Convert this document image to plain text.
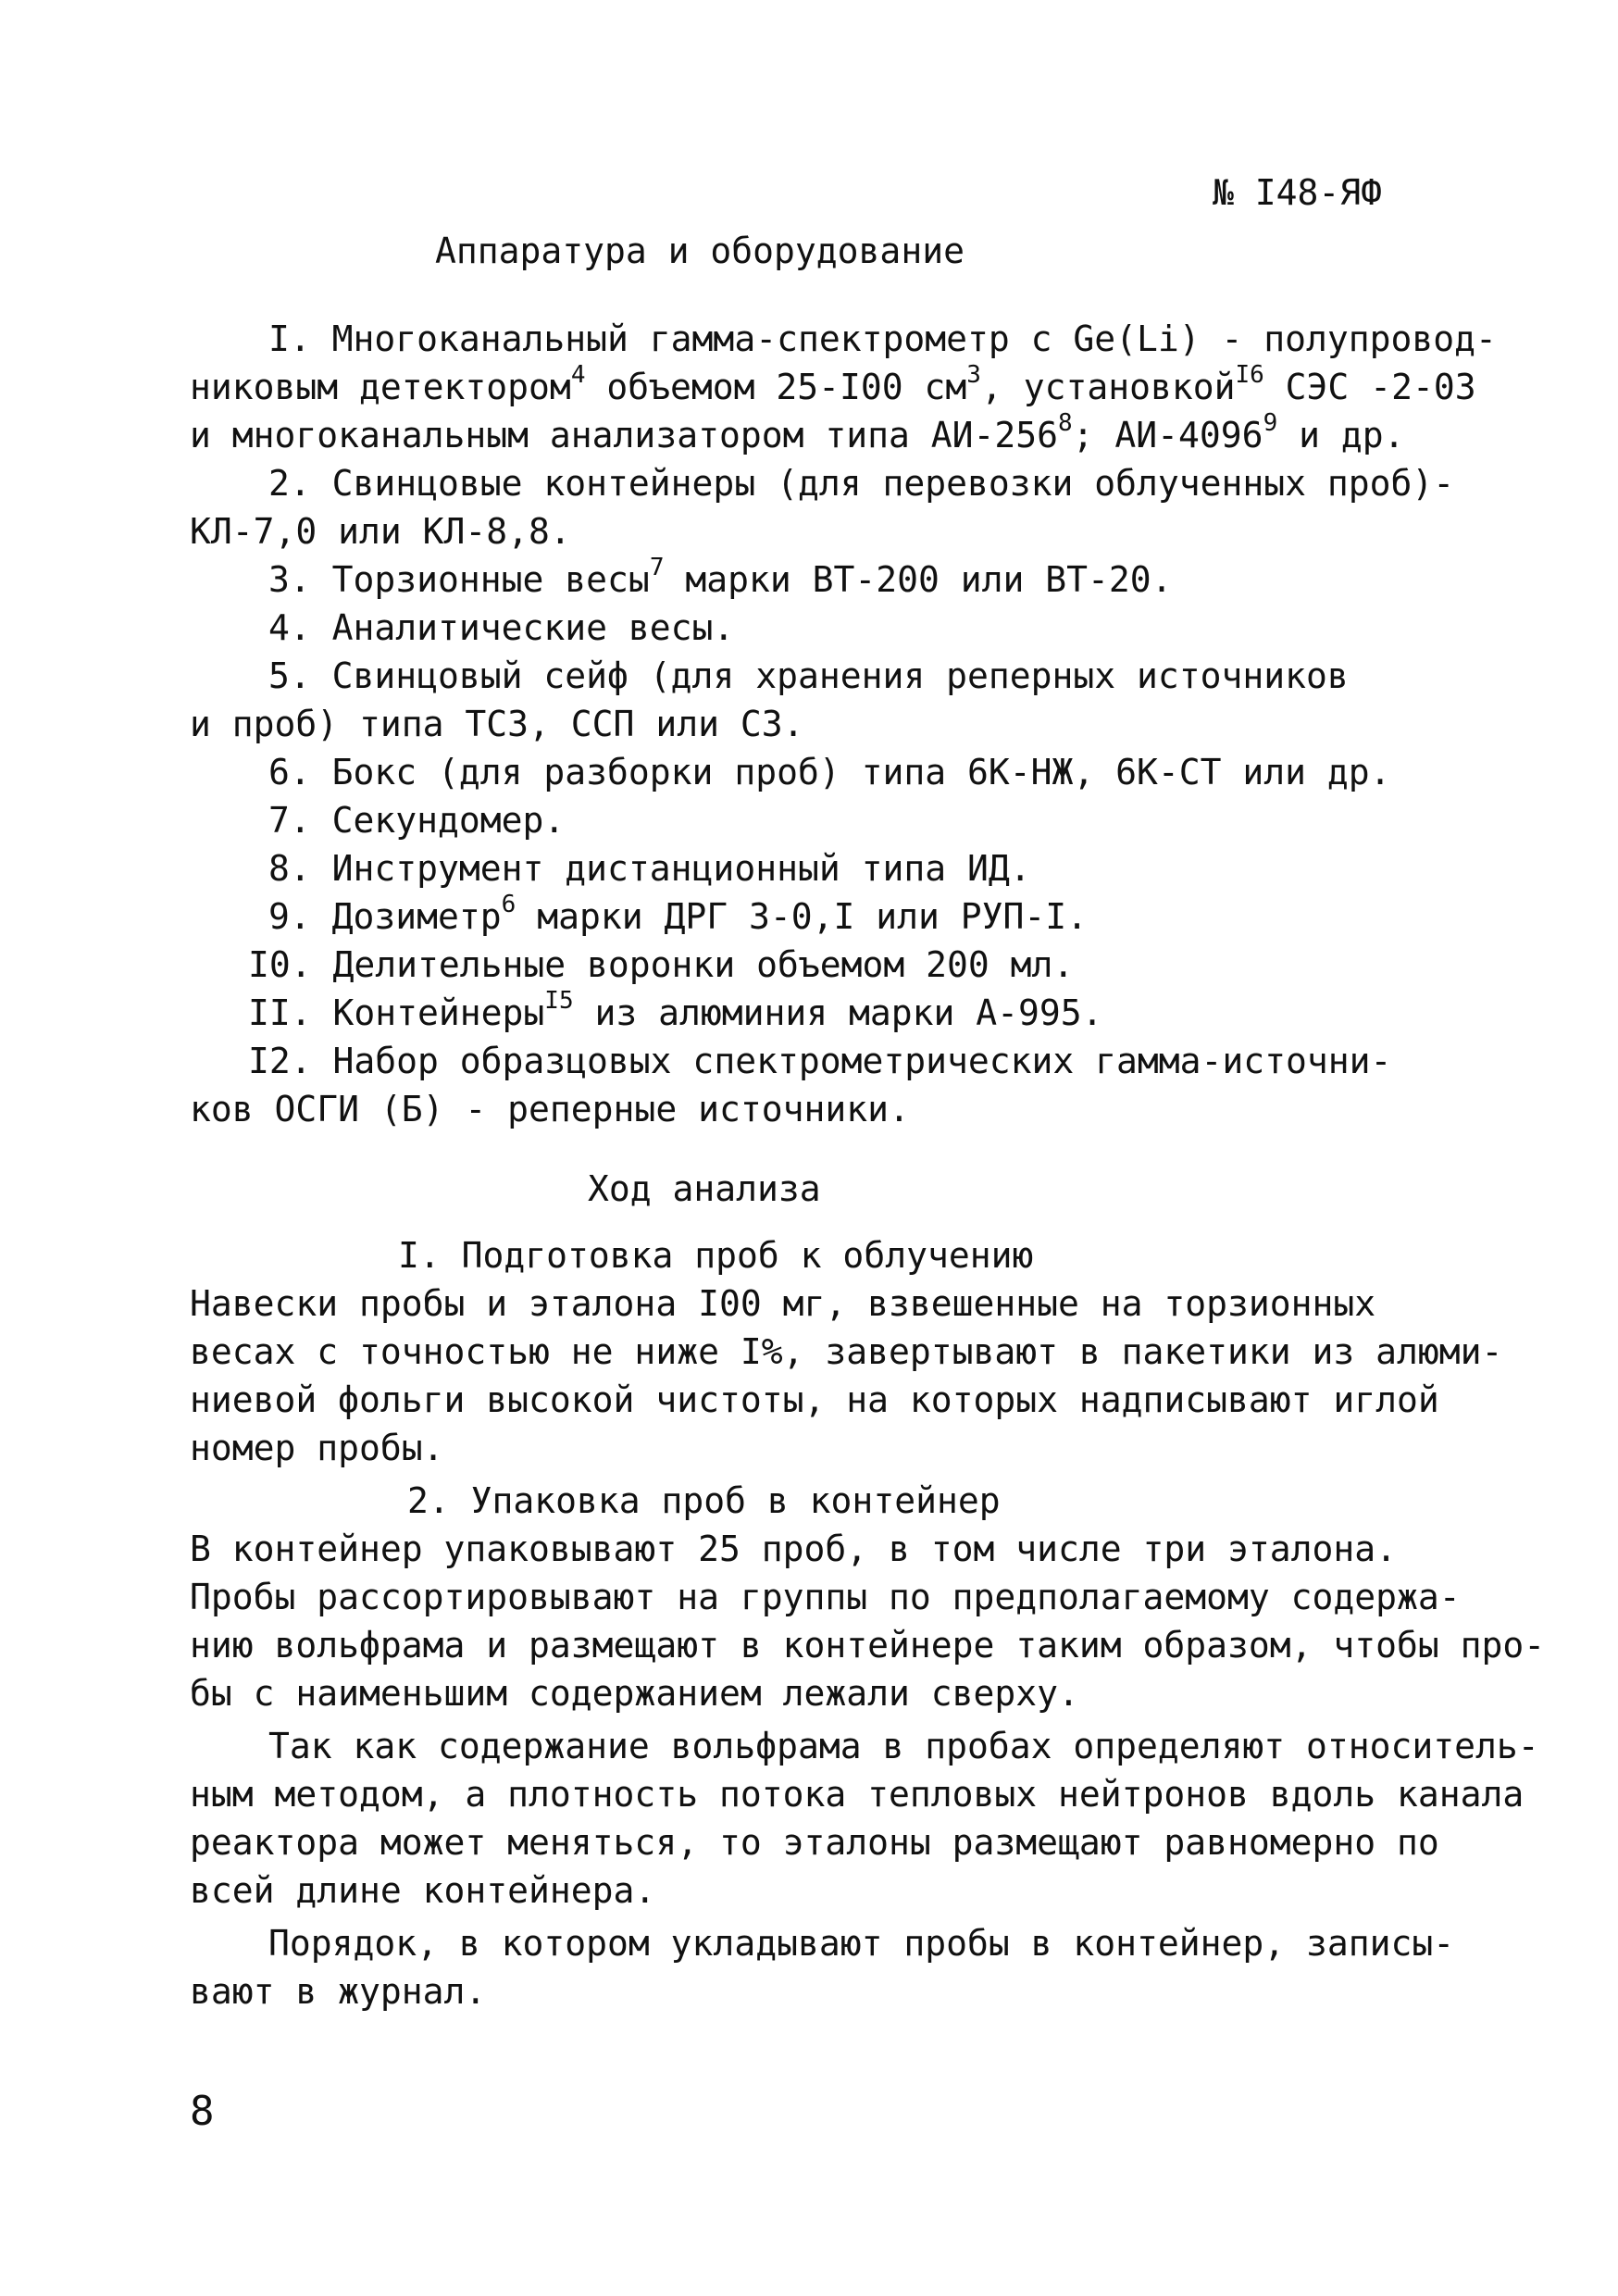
№ I48-ЯФ
Аппаратура и оборудование
I. Многоканальный гамма-спектрометр с Ge(Li) - полупровод-
никовым детектором$^4$ объемом 25-I00 $см^3$, установкой$^{I6}$ СЭС -2-03
и многоканальным анализатором типа $АИ-256^8$; АИ-4096$^9$ и др.
2. Свинцовые контейнеры (для перевозки облученных проб)-
КЛ-7,0 или КЛ-8,8.
3. Торзионные весы$^7$ марки ВТ-200 или ВТ-20.
4. Аналитические весы.
5. Свинцовый сейф (для хранения реперных источников
и проб) типа ТСЗ, ССП или СЗ.
6. Бокс (для разборки проб) типа 6К-НЖ, 6К-СТ или др.
7. Секундомер.
8. Инструмент дистанционный типа ИД.
9. Дозиметр$^6$ марки ДРГ 3-0,I или РУП-I.
I0. Делительные воронки объемом 200 мл.
II. Контейнеры$^{I5}$ из алюминия марки А-995.
I2. Набор образцовых спектрометрических гамма-источни-
ков ОСГИ (Б) - реперные источники.
Ход анализа
I. Подготовка проб к облучению
Навески пробы и эталона I00 мг, взвешенные на торзионных
весах с точностью не ниже I%, завертывают в пакетики из алюми-
ниевой фольги высокой чистоты, на которых надписывают иглой
номер пробы.
2. Упаковка проб в контейнер
В контейнер упаковывают 25 проб, в том числе три эталона.
Пробы рассортировывают на группы по предполагаемому содержа-
нию вольфрама и размещают в контейнере таким образом, чтобы про-
бы с наименьшим содержанием лежали сверху.
Так как содержание вольфрама в пробах определяют относитель-
ным методом, а плотность потока тепловых нейтронов вдоль канала
реактора может меняться, то эталоны размещают равномерно по
всей длине контейнера.
Порядок, в котором укладывают пробы в контейнер, записы-
вают в журнал.
8
